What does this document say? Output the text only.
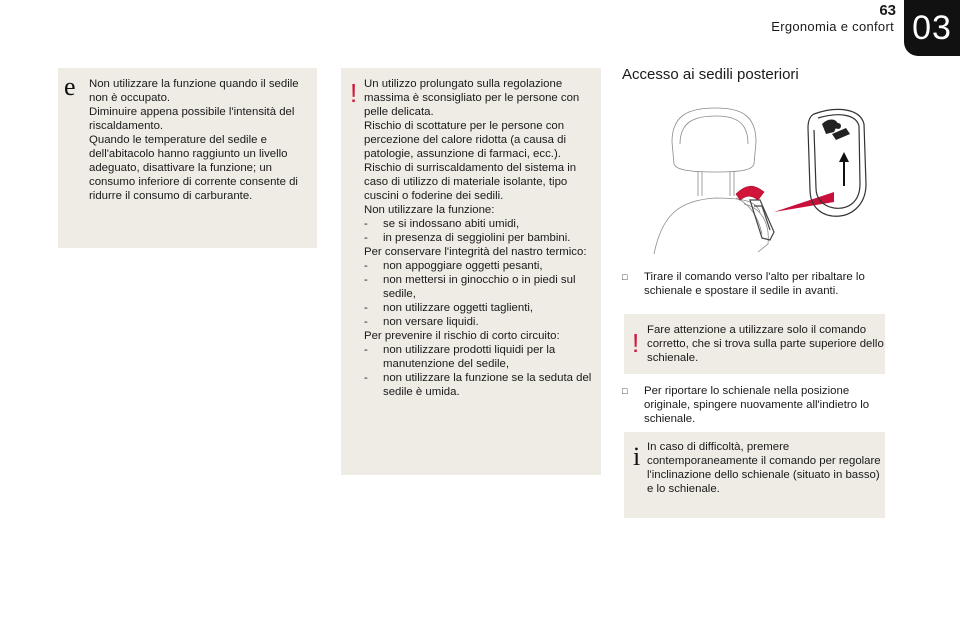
63
Ergonomia e confort 03
e Non utilizzare la funzione quando il sedile
non è occupato.
Diminuire appena possibile l'intensità del
riscaldamento.
Quando le temperature del sedile e
dell'abitacolo hanno raggiunto un livello
adeguato, disattivare la funzione; un
consumo inferiore di corrente consente di
ridurre il consumo di carburante.
! Un utilizzo prolungato sulla regolazione
massima è sconsigliato per le persone con
pelle delicata.
Rischio di scottature per le persone con
percezione del calore ridotta (a causa di
patologie, assunzione di farmaci, ecc.).
Rischio di surriscaldamento del sistema in
caso di utilizzo di materiale isolante, tipo
cuscini o foderine dei sedili.
Non utilizzare la funzione:
- se si indossano abiti umidi,
- in presenza di seggiolini per bambini.
Per conservare l'integrità del nastro termico:
- non appoggiare oggetti pesanti,
- non mettersi in ginocchio o in piedi sul
sedile,
- non utilizzare oggetti taglienti,
- non versare liquidi.
Per prevenire il rischio di corto circuito:
- non utilizzare prodotti liquidi per la
manutenzione del sedile,
- non utilizzare la funzione se la seduta del
sedile è umida.
Accesso ai sedili posteriori
□ Tirare il comando verso l'alto per ribaltare lo
schienale e spostare il sedile in avanti.
! Fare attenzione a utilizzare solo il comando
corretto, che si trova sulla parte superiore dello
schienale.
□ Per riportare lo schienale nella posizione
originale, spingere nuovamente all'indietro lo
schienale.
i In caso di difficoltà, premere
contemporaneamente il comando per regolare
l'inclinazione dello schienale (situato in basso)
e lo schienale.
